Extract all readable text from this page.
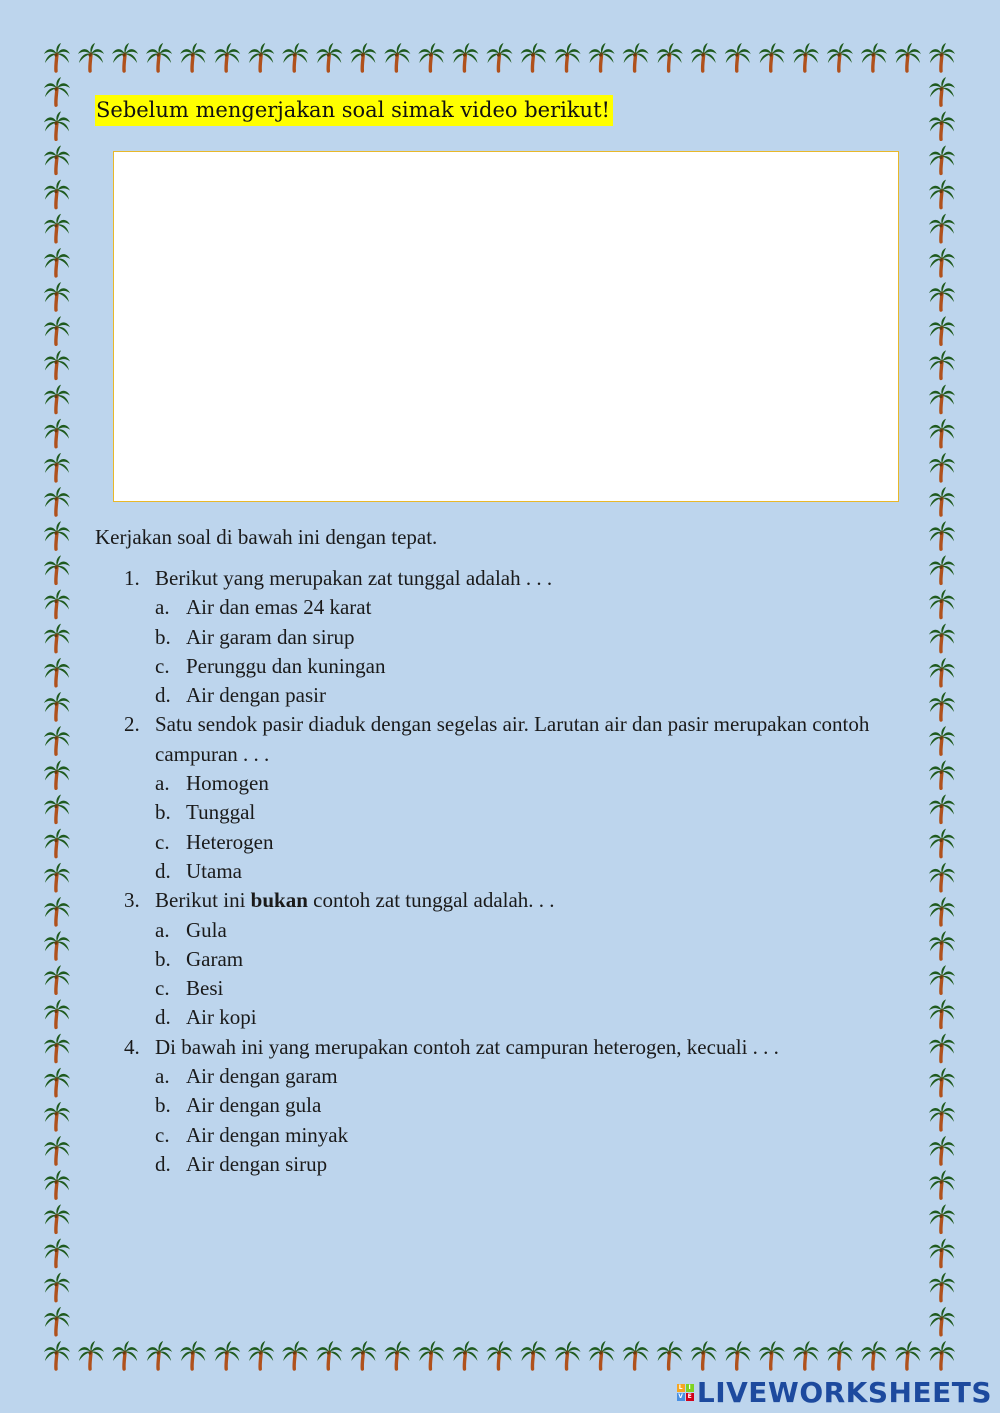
Sebelum mengerjakan soal simak video berikut!
Kerjakan soal di bawah ini dengan tepat.
1. Berikut yang merupakan zat tunggal adalah . . .
a. Air dan emas 24 karat
b. Air garam dan sirup
c. Perunggu dan kuningan
d. Air dengan pasir
2. Satu sendok pasir diaduk dengan segelas air. Larutan air dan pasir merupakan contoh campuran . . .
a. Homogen
b. Tunggal
c. Heterogen
d. Utama
3. Berikut ini bukan contoh zat tunggal adalah. . .
a. Gula
b. Garam
c. Besi
d. Air kopi
4. Di bawah ini yang merupakan contoh zat campuran heterogen, kecuali . . .
a. Air dengan garam
b. Air dengan gula
c. Air dengan minyak
d. Air dengan sirup
L I
V E LIVEWORKSHEETS
